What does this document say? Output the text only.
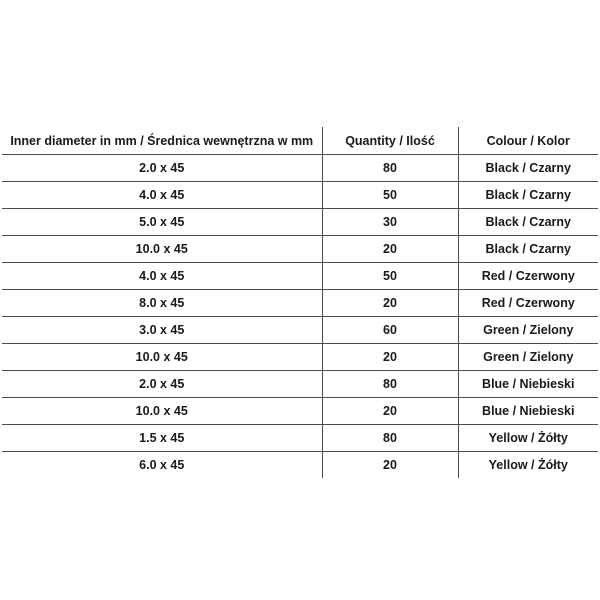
Inner diameter in mm / Średnica wewnętrzna w mm	Quantity / Ilość	Colour / Kolor
2.0 x 45	80	Black / Czarny
4.0 x 45	50	Black / Czarny
5.0 x 45	30	Black / Czarny
10.0 x 45	20	Black / Czarny
4.0 x 45	50	Red / Czerwony
8.0 x 45	20	Red / Czerwony
3.0 x 45	60	Green / Zielony
10.0 x 45	20	Green / Zielony
2.0 x 45	80	Blue / Niebieski
10.0 x 45	20	Blue / Niebieski
1.5 x 45	80	Yellow / Żółty
6.0 x 45	20	Yellow / Żółty
